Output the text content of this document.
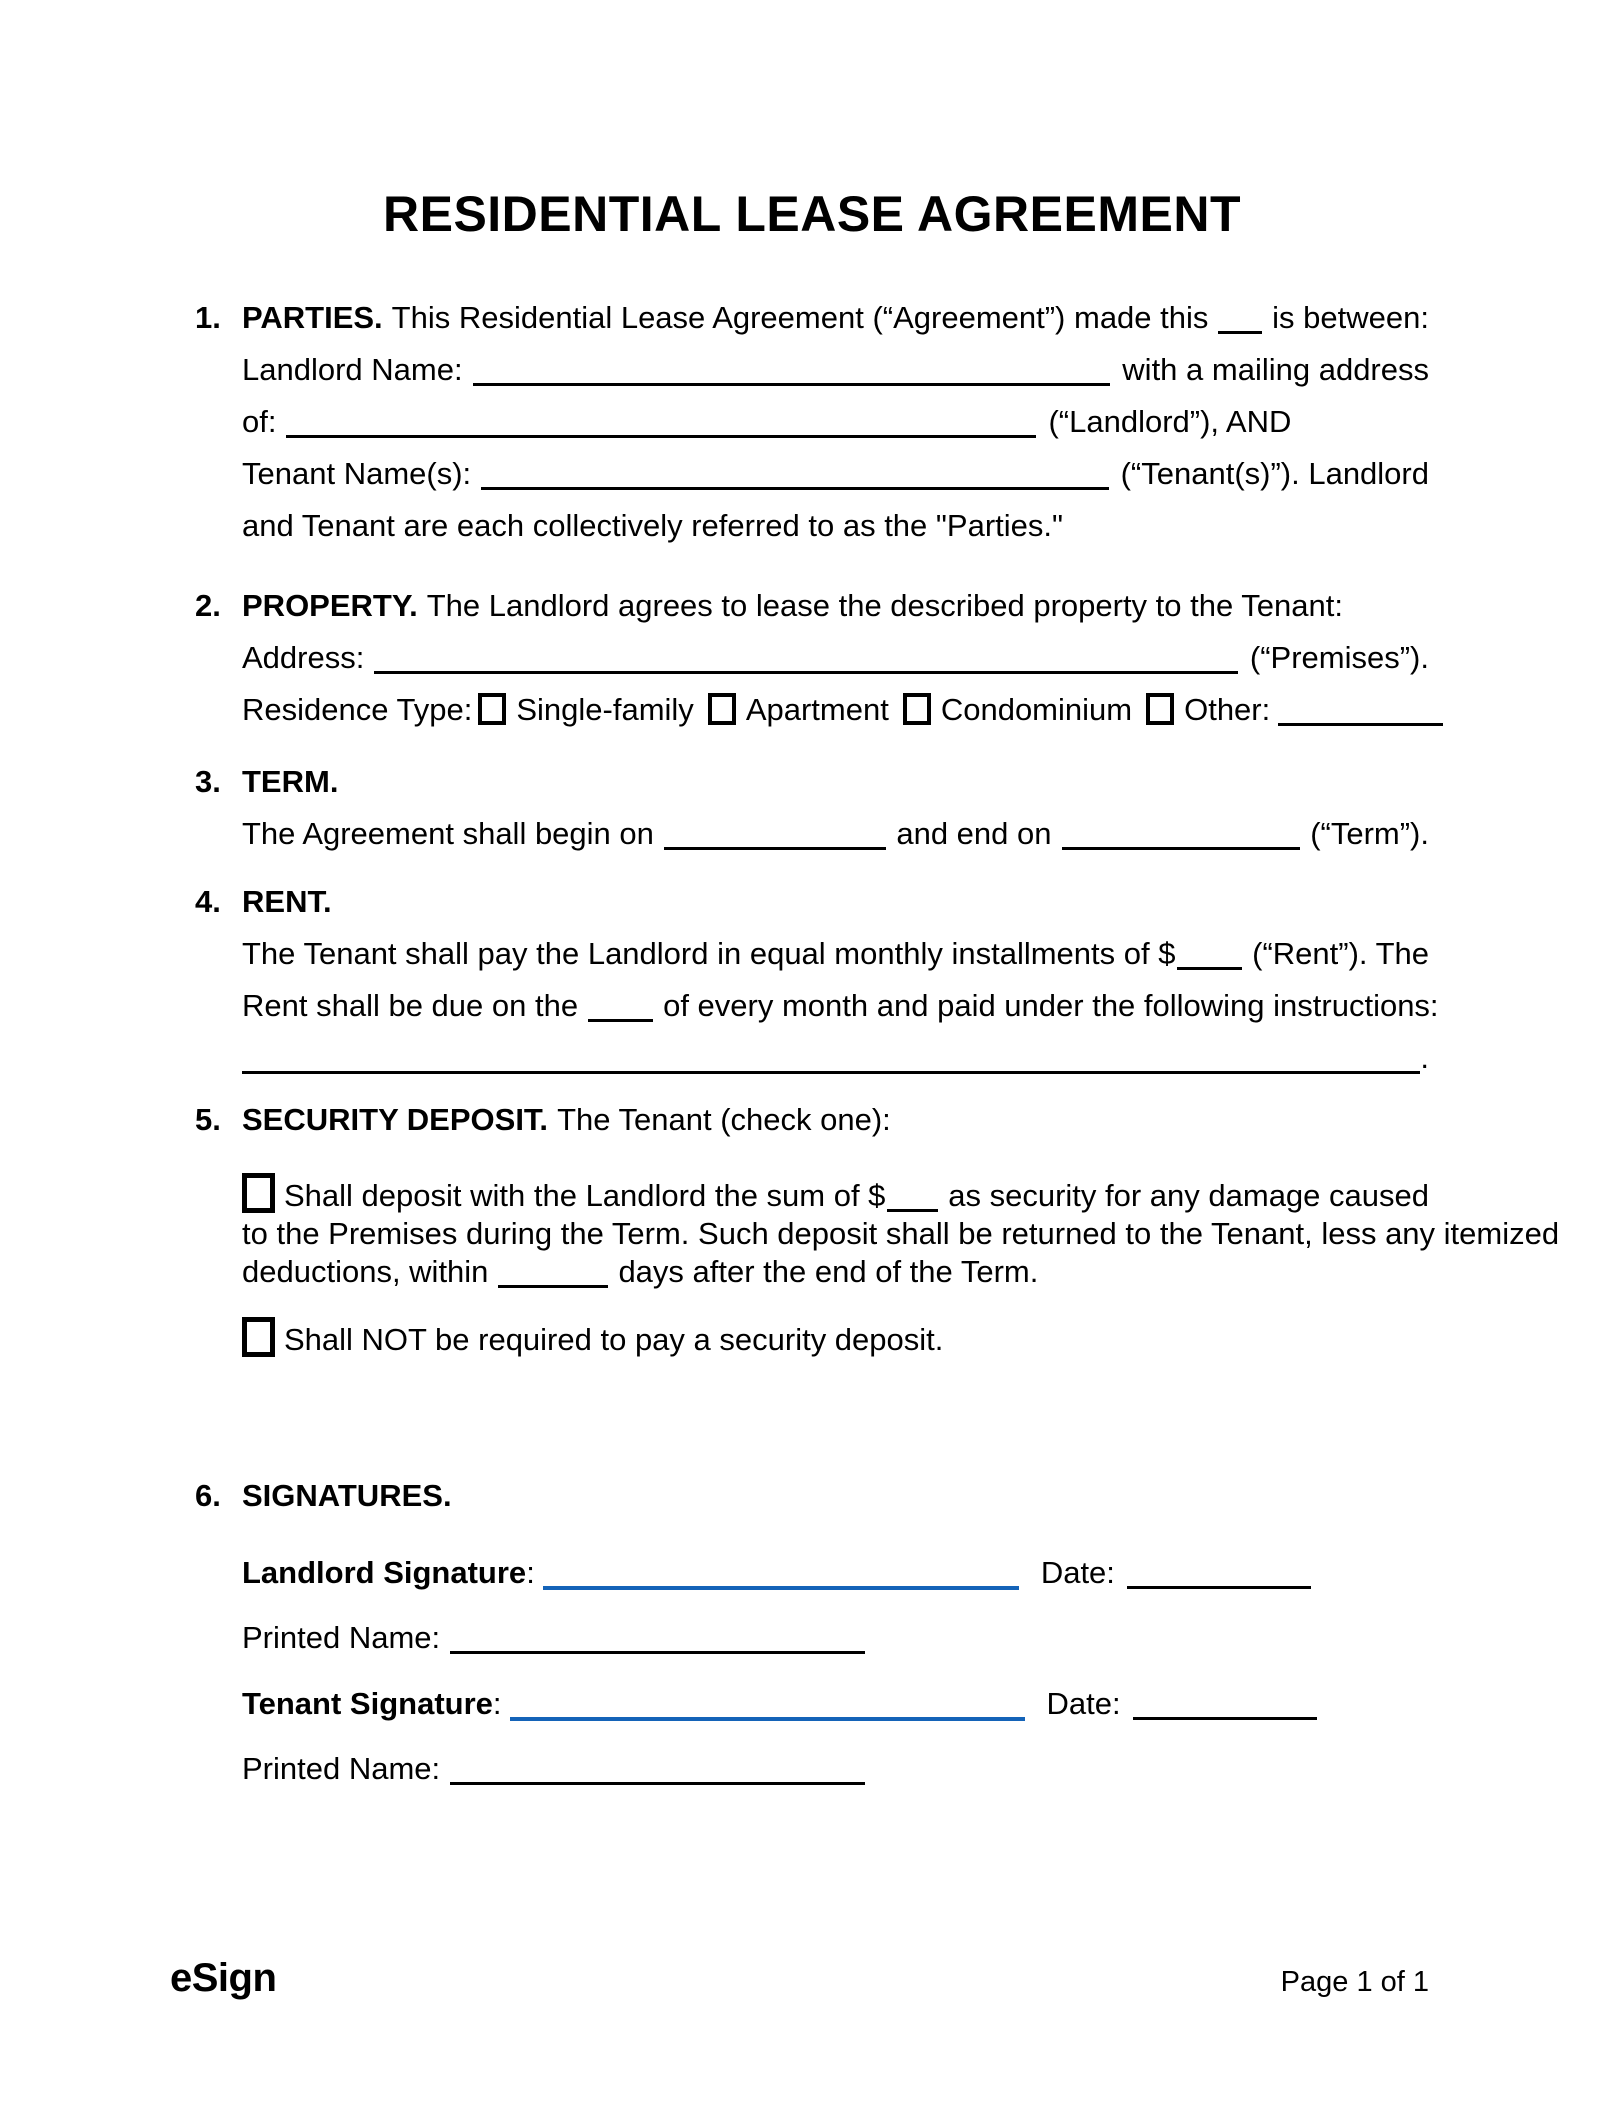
RESIDENTIAL LEASE AGREEMENT
1. PARTIES. This Residential Lease Agreement (“Agreement”) made this is between:
Landlord Name:	with a mailing address
of:	(“Landlord”), AND
Tenant Name(s):	(“Tenant(s)”). Landlord
and Tenant are each collectively referred to as the "Parties."
2. PROPERTY. The Landlord agrees to lease the described property to the Tenant:
Address:	(“Premises”).
Residence Type: Single-family Apartment Condominium Other:
3. TERM.
The Agreement shall begin on	and end on	(“Term”).
4. RENT.
The Tenant shall pay the Landlord in equal monthly installments of $ (“Rent”). The
Rent shall be due on the	of every month and paid under the following instructions:
.
5. SECURITY DEPOSIT. The Tenant (check one):
Shall deposit with the Landlord the sum of $ as security for any damage caused
to the Premises during the Term. Such deposit shall be returned to the Tenant, less any itemized
deductions, within	days after the end of the Term.
Shall NOT be required to pay a security deposit.
6. SIGNATURES.
Landlord Signature :	Date:
Printed Name:
Tenant Signature :	Date:
Printed Name:
eSign	Page 1 of 1
